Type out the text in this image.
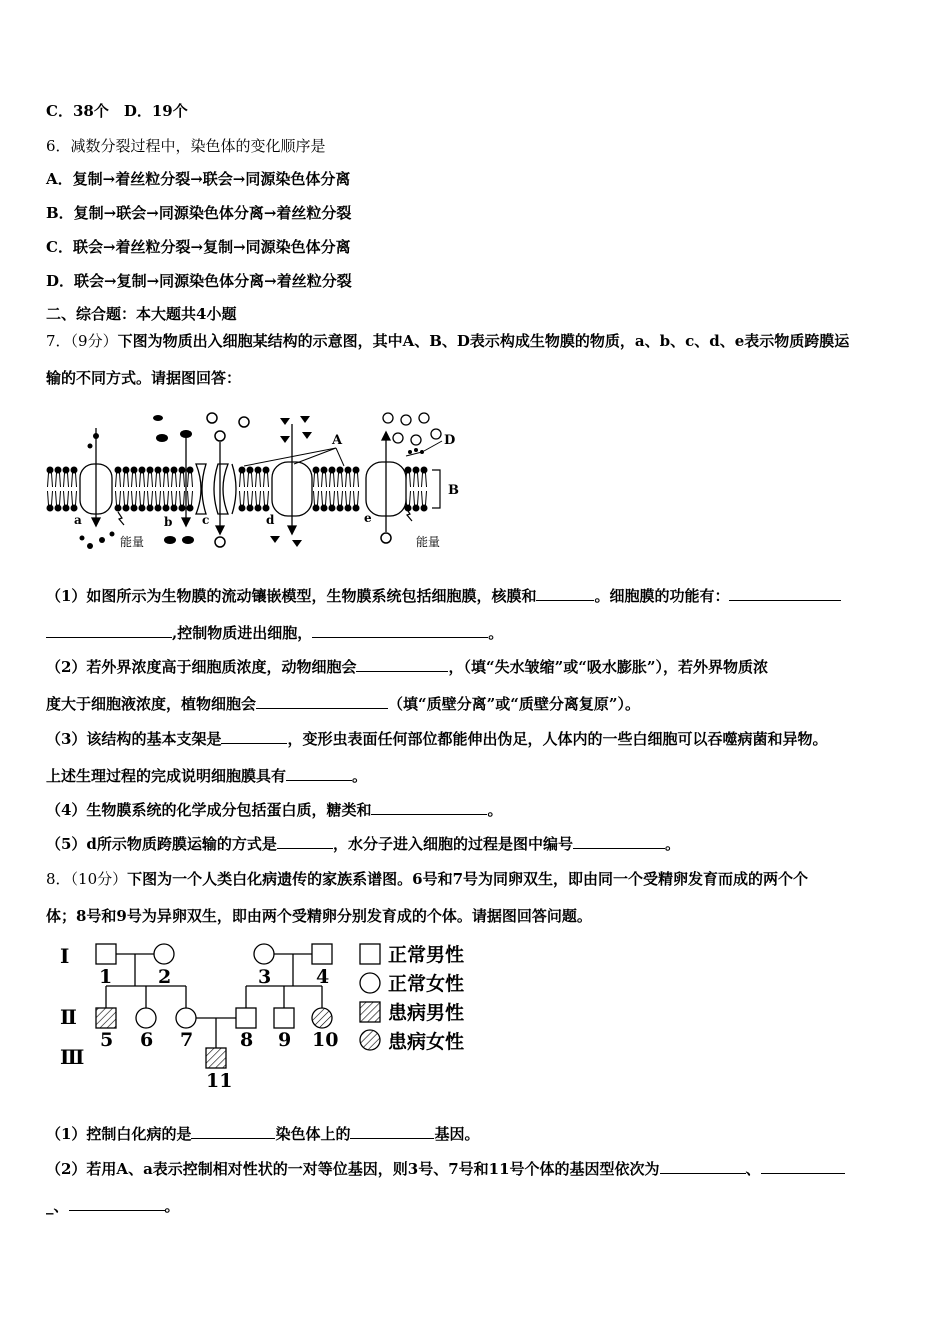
C．38个　D．19个
6．减数分裂过程中，染色体的变化顺序是
A．复制→着丝粒分裂→联会→同源染色体分离
B．复制→联会→同源染色体分离→着丝粒分裂
C．联会→着丝粒分裂→复制→同源染色体分离
D．联会→复制→同源染色体分离→着丝粒分裂
二、综合题：本大题共4小题
7．（9分）下图为物质出入细胞某结构的示意图，其中A、B、D表示构成生物膜的物质，a、b、c、d、e表示物质跨膜运
输的不同方式。请据图回答：
A	D
B
a	b c	d	e
能量	能量
（1）如图所示为生物膜的流动镶嵌模型，生物膜系统包括细胞膜，核膜和	。细胞膜的功能有：
,控制物质进出细胞，	。
（2）若外界浓度高于细胞质浓度，动物细胞会	，（填“失水皱缩”或“吸水膨胀”），若外界物质浓
度大于细胞液浓度，植物细胞会	（填“质壁分离”或“质壁分离复原”）。
（3）该结构的基本支架是	，变形虫表面任何部位都能伸出伪足，人体内的一些白细胞可以吞噬病菌和异物。
上述生理过程的完成说明细胞膜具有	。
（4）生物膜系统的化学成分包括蛋白质，糖类和	。
（5）d所示物质跨膜运输的方式是	，水分子进入细胞的过程是图中编号	。
8．（10分）下图为一个人类白化病遗传的家族系谱图。6号和7号为同卵双生，即由同一个受精卵发育而成的两个个
体；8号和9号为异卵双生，即由两个受精卵分别发育成的个体。请据图回答问题。
Ⅰ
Ⅱ
Ⅲ
1 2	3 4
5 6 7 8 9 10
11
正常男性
正常女性
患病男性
患病女性
（1）控制白化病的是	染色体上的	基因。
（2）若用A、a表示控制相对性状的一对等位基因，则3号、7号和11号个体的基因型依次为	、
_、	。
